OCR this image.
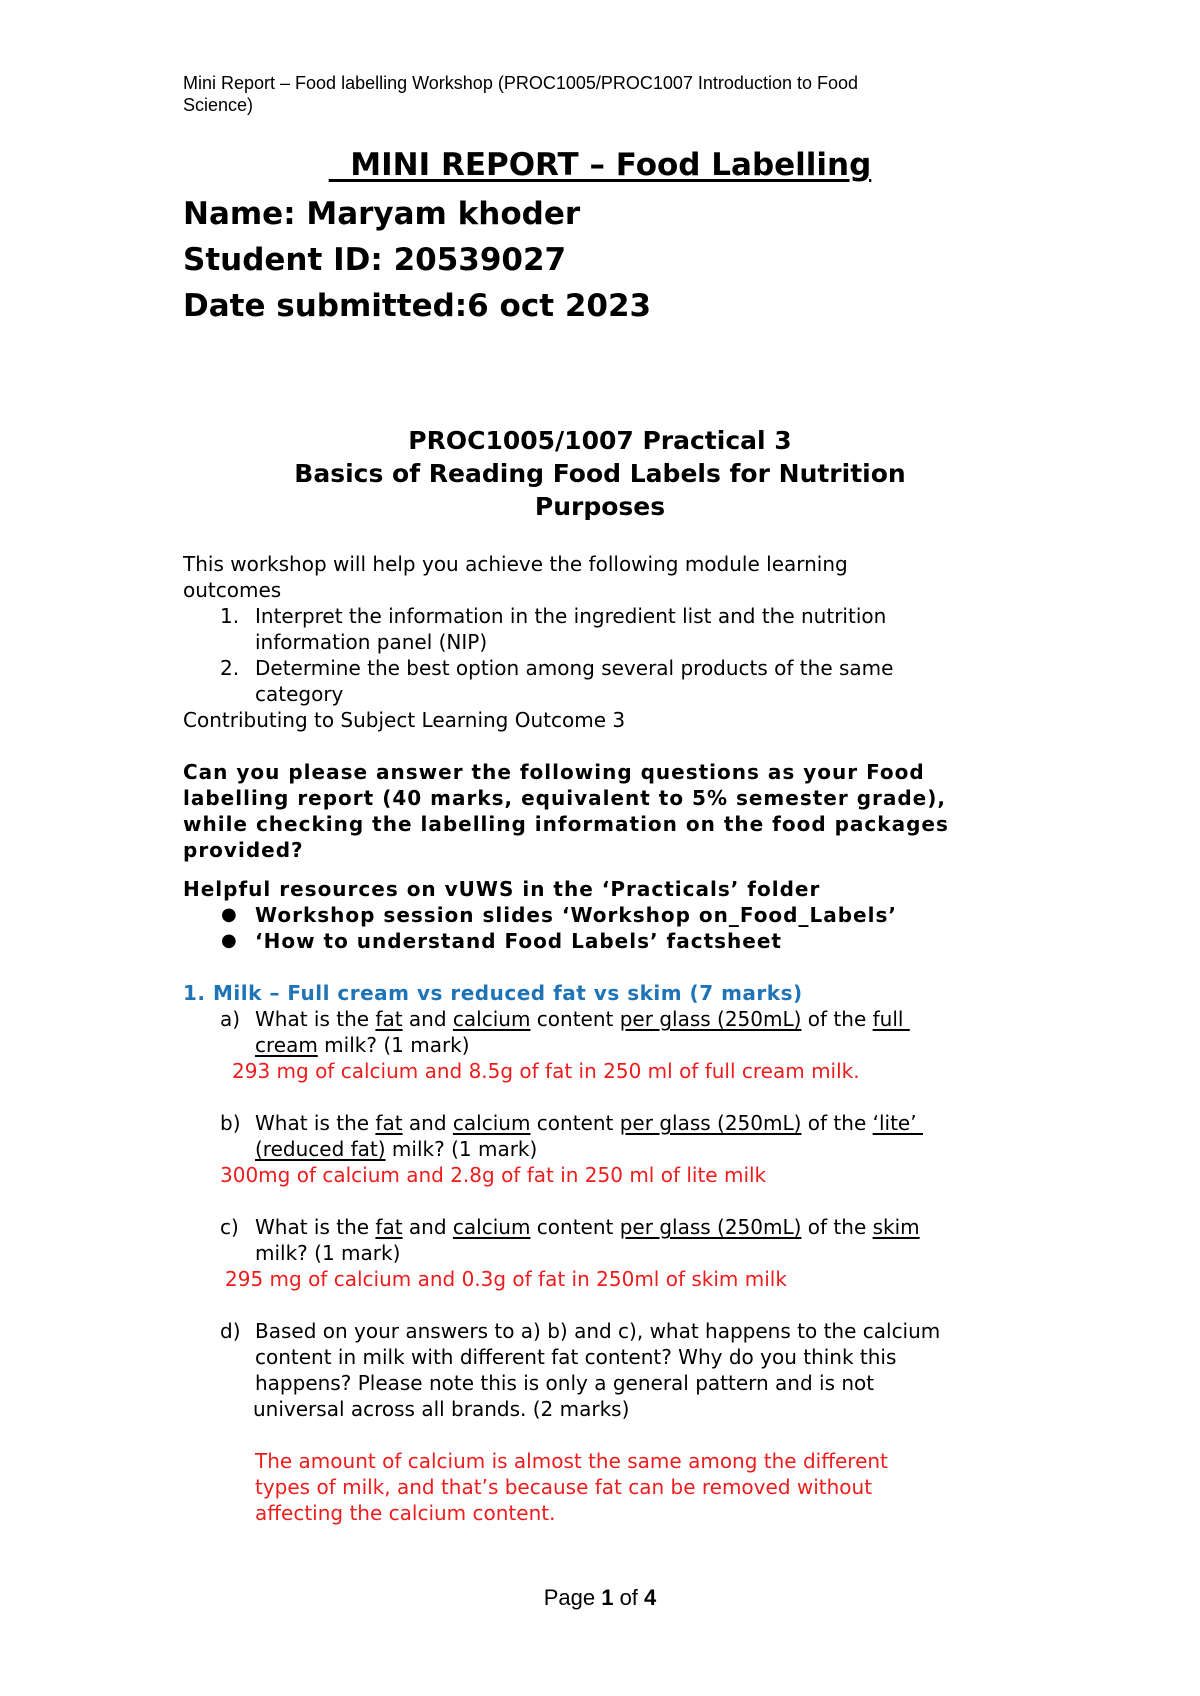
Mini Report – Food labelling Workshop (PROC1005/PROC1007 Introduction to Food
Science)
MINI REPORT – Food Labelling
Name: Maryam khoder
Student ID: 20539027
Date submitted:6 oct 2023
PROC1005/1007 Practical 3
Basics of Reading Food Labels for Nutrition
Purposes
This workshop will help you achieve the following module learning
outcomes
1. Interpret the information in the ingredient list and the nutrition
information panel (NIP)
2. Determine the best option among several products of the same
category
Contributing to Subject Learning Outcome 3
Can you please answer the following questions as your Food
labelling report (40 marks, equivalent to 5% semester grade),
while checking the labelling information on the food packages
provided?
Helpful resources on vUWS in the ‘Practicals’ folder
● Workshop session slides ‘Workshop on_Food_Labels’
● ‘How to understand Food Labels’ factsheet
1. Milk – Full cream vs reduced fat vs skim (7 marks)
a) What is the fat and calcium content per glass (250mL) of the full
cream milk? (1 mark)
293 mg of calcium and 8.5g of fat in 250 ml of full cream milk.
b) What is the fat and calcium content per glass (250mL) of the ‘lite’
(reduced fat) milk? (1 mark)
300mg of calcium and 2.8g of fat in 250 ml of lite milk
c) What is the fat and calcium content per glass (250mL) of the skim
milk? (1 mark)
295 mg of calcium and 0.3g of fat in 250ml of skim milk
d) Based on your answers to a) b) and c), what happens to the calcium
content in milk with different fat content? Why do you think this
happens? Please note this is only a general pattern and is not
universal across all brands. (2 marks)
The amount of calcium is almost the same among the different
types of milk, and that’s because fat can be removed without
affecting the calcium content.
Page 1 of 4
